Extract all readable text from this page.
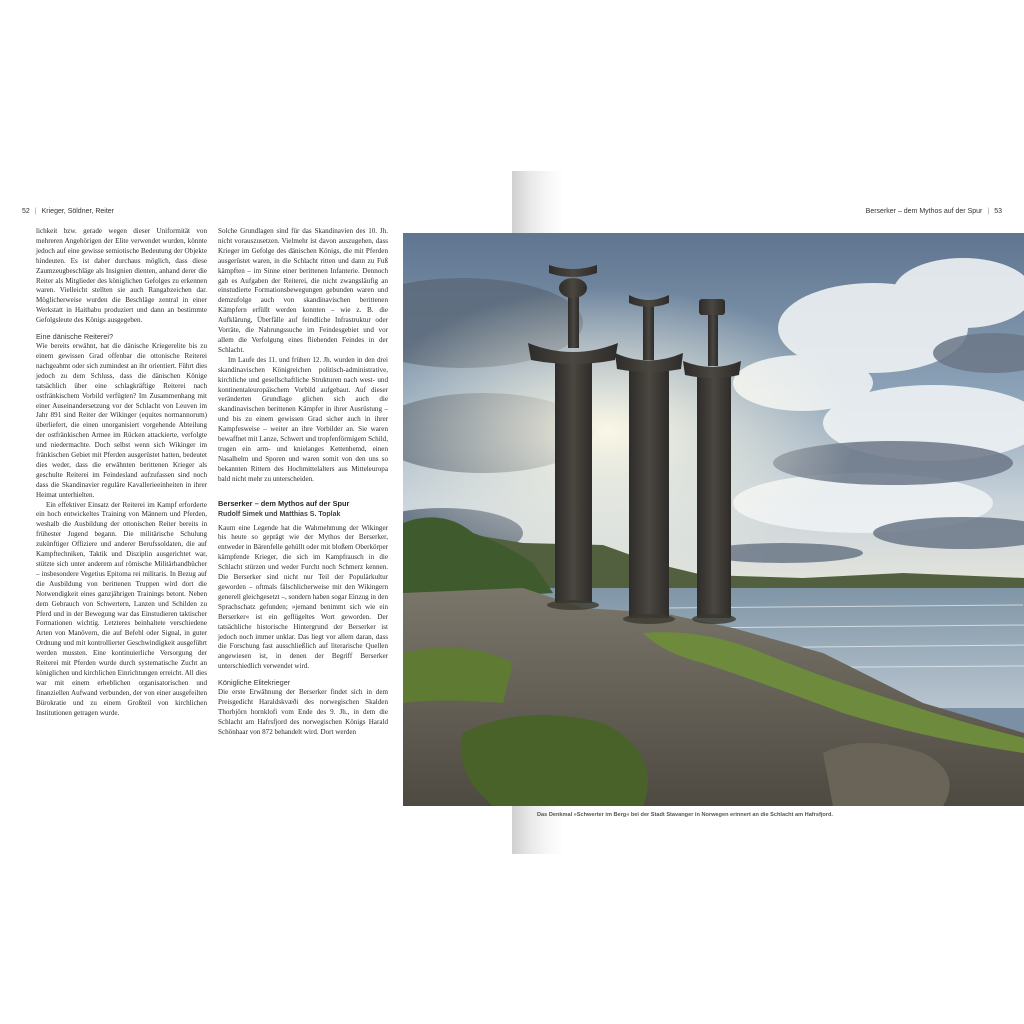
52 | Krieger, Söldner, Reiter	Berserker – dem Mythos auf der Spur | 53

lichkeit bzw. gerade wegen dieser Uniformität von mehreren Angehörigen der Elite verwendet wurden, könnte jedoch auf eine gewisse semiotische Bedeutung der Objekte hindeuten. Es ist daher durchaus möglich, dass diese Zaumzeugbeschläge als Insignien dienten, anhand derer die Reiter als Mitglieder des königlichen Gefolges zu erkennen waren. Vielleicht stellten sie auch Rangabzeichen dar. Möglicherweise wurden die Beschläge zentral in einer Werkstatt in Haithabu produziert und dann an bestimmte Gefolgsleute des Königs ausgegeben.

Eine dänische Reiterei?

Wie bereits erwähnt, hat die dänische Kriegerelite bis zu einem gewissen Grad offenbar die ottonische Reiterei nachgeahmt oder sich zumindest an ihr orientiert. Führt dies jedoch zu dem Schluss, dass die dänischen Könige tatsächlich über eine schlagkräftige Reiterei nach ostfränkischem Vorbild verfügten? Im Zusammenhang mit einer Auseinandersetzung vor der Schlacht von Leuven im Jahr 891 sind Reiter der Wikinger (equites normannorum) überliefert, die einen unorganisiert vorgehende Abteilung der ostfränkischen Armee im Rücken attackierte, verfolgte und niedermachte. Doch selbst wenn sich Wikinger im fränkischen Gebiet mit Pferden ausgerüstet hatten, bedeutet dies weder, dass die erwähnten berittenen Krieger als geschulte Reiterei im Feindesland aufzufassen sind noch dass die Skandinavier reguläre Kavallerieeinheiten in ihrer Heimat unterhielten.

Ein effektiver Einsatz der Reiterei im Kampf erforderte ein hoch entwickeltes Training von Männern und Pferden, weshalb die Ausbildung der ottonischen Reiter bereits in frühester Jugend begann. Die militärische Schulung zukünftiger Offiziere und anderer Berufssoldaten, die auf Kampftechniken, Taktik und Disziplin ausgerichtet war, stützte sich unter anderem auf römische Militärhandbücher – insbesondere Vegetius Epitoma rei militaris. In Bezug auf die Ausbildung von berittenen Truppen wird dort die Notwendigkeit eines ganzjährigen Trainings betont. Neben dem Gebrauch von Schwertern, Lanzen und Schilden zu Pferd und in der Bewegung war das Einstudieren taktischer Formationen wichtig. Letzteres beinhaltete verschiedene Arten von Manövern, die auf Befehl oder Signal, in guter Ordnung und mit kontrollierter Geschwindigkeit ausgeführt werden mussten. Eine kontinuierliche Versorgung der Reiterei mit Pferden wurde durch systematische Zucht an königlichen und kirchlichen Einrichtungen erreicht. All dies war mit einem erheblichen organisatorischen und finanziellen Aufwand verbunden, der von einer ausgefeilten Bürokratie und zu einem Großteil von kirchlichen Institutionen getragen wurde.

Solche Grundlagen sind für das Skandinavien des 10. Jh. nicht vorauszusetzen. Vielmehr ist davon auszugehen, dass Krieger im Gefolge des dänischen Königs, die mit Pferden ausgerüstet waren, in die Schlacht ritten und dann zu Fuß kämpften – im Sinne einer berittenen Infanterie. Dennoch gab es Aufgaben der Reiterei, die nicht zwangsläufig an einstudierte Formationsbewegungen gebunden waren und demzufolge auch von skandinavischen berittenen Kämpfern erfüllt werden konnten – wie z. B. die Aufklärung, Überfälle auf feindliche Infrastruktur oder Vorräte, die Nahrungssuche im Feindesgebiet und vor allem die Verfolgung eines fliehenden Feindes in der Schlacht.

Im Laufe des 11. und frühen 12. Jh. wurden in den drei skandinavischen Königreichen politisch-administrative, kirchliche und gesellschaftliche Strukturen nach west- und kontinentaleuropäischem Vorbild aufgebaut. Auf dieser veränderten Grundlage glichen sich auch die skandinavischen berittenen Kämpfer in ihrer Ausrüstung – und bis zu einem gewissen Grad sicher auch in ihrer Kampfesweise – weiter an ihre Vorbilder an. Sie waren bewaffnet mit Lanze, Schwert und tropfenförmigem Schild, trugen ein arm- und knielanges Kettenhemd, einen Nasalhelm und Sporen und waren somit von den uns so bekannten Rittern des Hochmittelalters aus Mitteleuropa bald nicht mehr zu unterscheiden.

Berserker – dem Mythos auf der Spur
Rudolf Simek und Matthias S. Toplak

Kaum eine Legende hat die Wahrnehmung der Wikinger bis heute so geprägt wie der Mythos der Berserker, entweder in Bärenfelle gehüllt oder mit bloßem Oberkörper kämpfende Krieger, die sich im Kampfrausch in die Schlacht stürzen und weder Furcht noch Schmerz kennen. Die Berserker sind nicht nur Teil der Populärkultur geworden – oftmals fälschlicherweise mit den Wikingern generell gleichgesetzt –, sondern haben sogar Einzug in den Sprachschatz gefunden; »jemand benimmt sich wie ein Berserker« ist ein geflügeltes Wort geworden. Der tatsächliche historische Hintergrund der Berserker ist jedoch noch immer unklar. Das liegt vor allem daran, dass die Forschung fast ausschließlich auf literarische Quellen angewiesen ist, in denen der Begriff Berserker unterschiedlich verwendet wird.

Königliche Elitekrieger

Die erste Erwähnung der Berserker findet sich in dem Preisgedicht Haraldskvæði des norwegischen Skalden Thorbjörn hornklofi vom Ende des 9. Jh., in dem die Schlacht am Hafrsfjord des norwegischen Königs Harald Schönhaar von 872 behandelt wird. Dort werden

Das Denkmal »Schwerter im Berg« bei der Stadt Stavanger in Norwegen erinnert an die Schlacht am Hafrsfjord.
